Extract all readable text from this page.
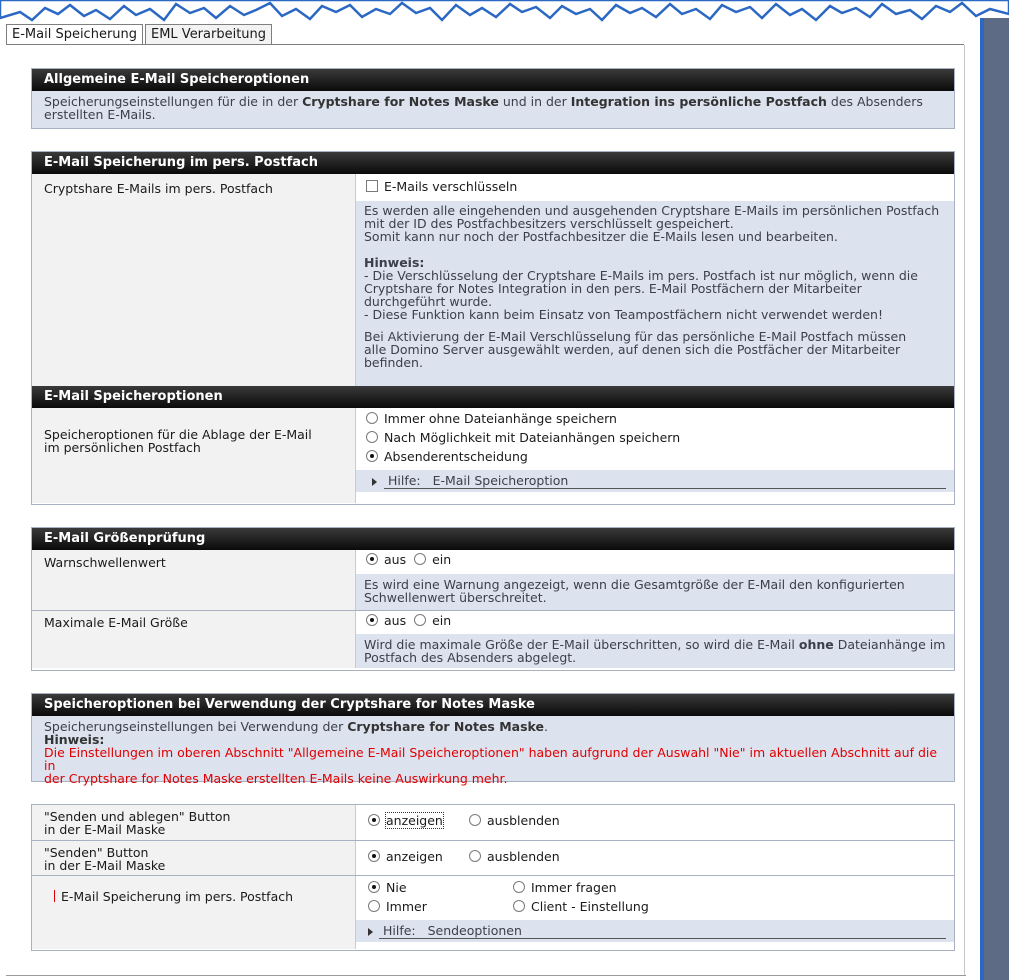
E-Mail Speicherung	EML Verarbeitung
Allgemeine E-Mail Speicheroptionen
Speicherungseinstellungen für die in der Cryptshare for Notes Maske und in der Integration ins persönliche Postfach des Absenders
erstellten E-Mails.
E-Mail Speicherung im pers. Postfach
Cryptshare E-Mails im pers. Postfach	E-Mails verschlüsseln
Es werden alle eingehenden und ausgehenden Cryptshare E-Mails im persönlichen Postfach
mit der ID des Postfachbesitzers verschlüsselt gespeichert.
Somit kann nur noch der Postfachbesitzer die E-Mails lesen und bearbeiten.

Hinweis:
- Die Verschlüsselung der Cryptshare E-Mails im pers. Postfach ist nur möglich, wenn die
Cryptshare for Notes Integration in den pers. E-Mail Postfächern der Mitarbeiter
durchgeführt wurde.
- Diese Funktion kann beim Einsatz von Teampostfächern nicht verwendet werden!

Bei Aktivierung der E-Mail Verschlüsselung für das persönliche E-Mail Postfach müssen
alle Domino Server ausgewählt werden, auf denen sich die Postfächer der Mitarbeiter
befinden.
E-Mail Speicheroptionen
Speicheroptionen für die Ablage der E-Mail
im persönlichen Postfach
Immer ohne Dateianhänge speichern
Nach Möglichkeit mit Dateianhängen speichern
Absenderentscheidung
Hilfe: E-Mail Speicheroption
E-Mail Größenprüfung
Warnschwellenwert	aus ein
Es wird eine Warnung angezeigt, wenn die Gesamtgröße der E-Mail den konfigurierten
Schwellenwert überschreitet.
Maximale E-Mail Größe	aus ein
Wird die maximale Größe der E-Mail überschritten, so wird die E-Mail ohne Dateianhänge im
Postfach des Absenders abgelegt.
Speicheroptionen bei Verwendung der Cryptshare for Notes Maske
Speicherungseinstellungen bei Verwendung der Cryptshare for Notes Maske.
Hinweis:
Die Einstellungen im oberen Abschnitt "Allgemeine E-Mail Speicheroptionen" haben aufgrund der Auswahl "Nie" im aktuellen Abschnitt auf die in
der Cryptshare for Notes Maske erstellten E-Mails keine Auswirkung mehr.
"Senden und ablegen" Button
in der E-Mail Maske
anzeigen	ausblenden
"Senden" Button
in der E-Mail Maske
anzeigen	ausblenden
E-Mail Speicherung im pers. Postfach
Nie	Immer fragen
Immer	Client - Einstellung
Hilfe: Sendeoptionen
